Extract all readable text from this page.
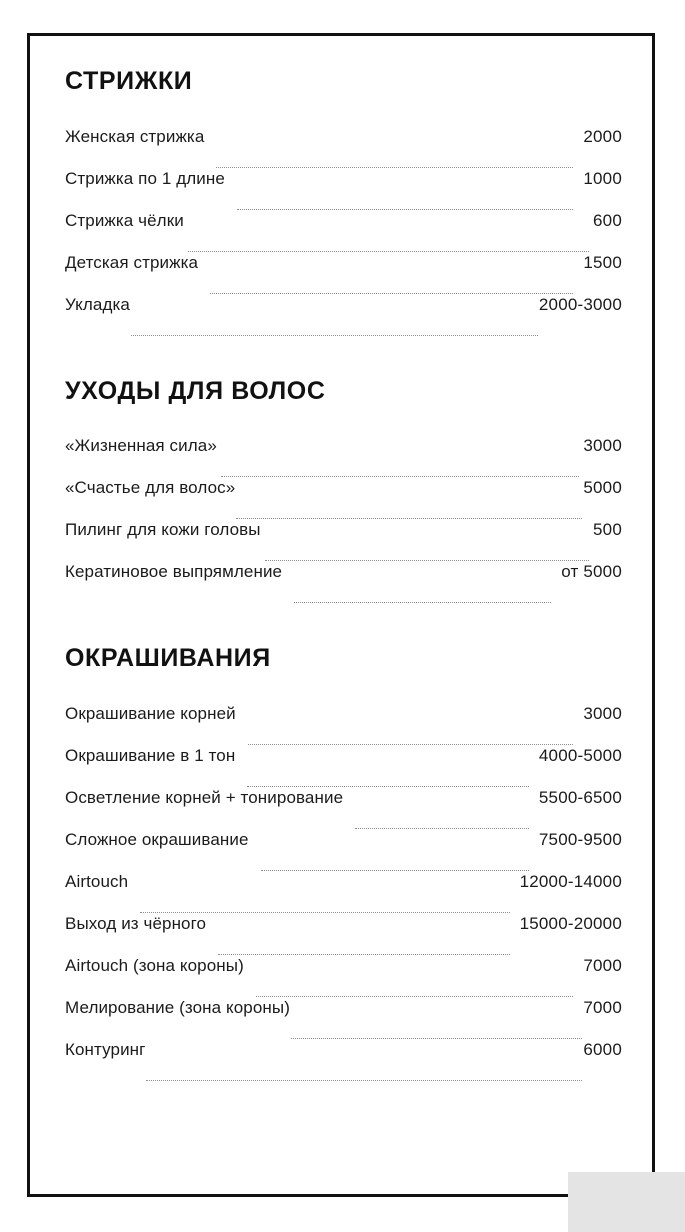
СТРИЖКИ
Женская стрижка	2000
Стрижка по 1 длине	1000
Стрижка чёлки	600
Детская стрижка	1500
Укладка	2000-3000
УХОДЫ ДЛЯ ВОЛОС
«Жизненная сила»	3000
«Счастье для волос»	5000
Пилинг для кожи головы	500
Кератиновое выпрямление	от 5000
ОКРАШИВАНИЯ
Окрашивание корней	3000
Окрашивание в 1 тон	4000-5000
Осветление корней + тонирование	5500-6500
Сложное окрашивание	7500-9500
Airtouch	12000-14000
Выход из чёрного	15000-20000
Airtouch (зона короны)	7000
Мелирование (зона короны)	7000
Контуринг	6000
